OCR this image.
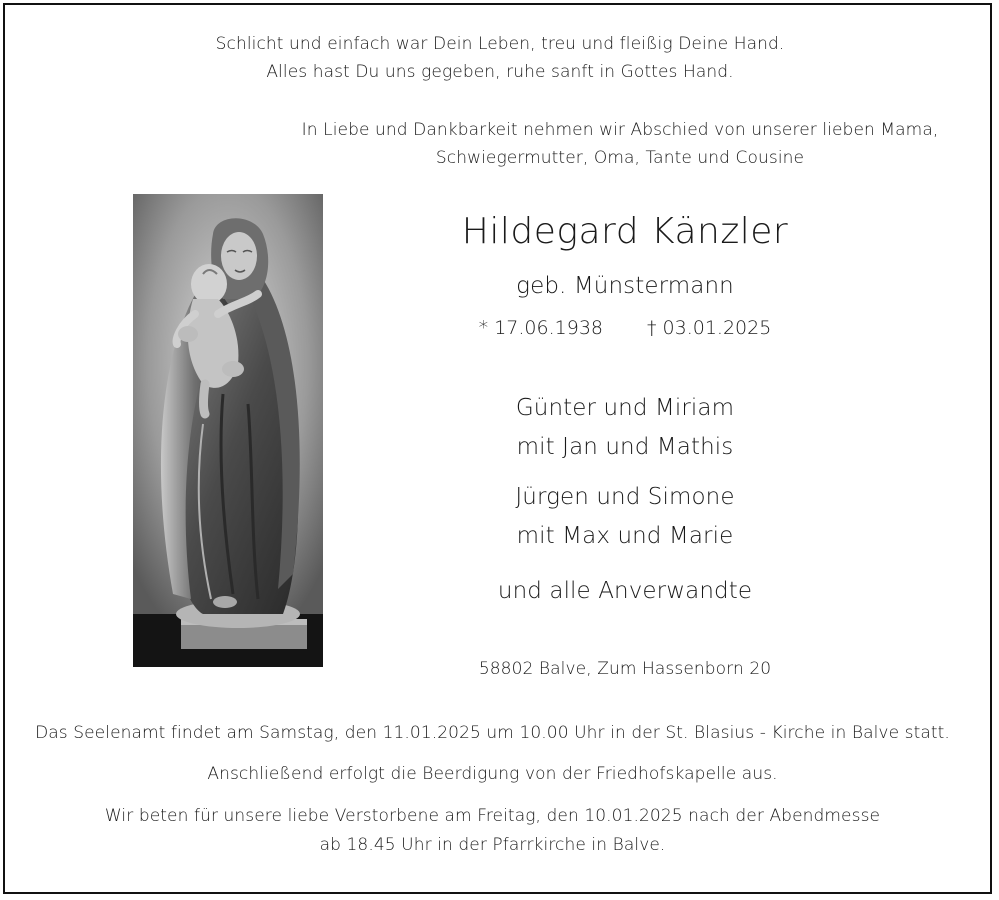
Schlicht und einfach war Dein Leben, treu und fleißig Deine Hand.
Alles hast Du uns gegeben, ruhe sanft in Gottes Hand.
In Liebe und Dankbarkeit nehmen wir Abschied von unserer lieben Mama,
Schwiegermutter, Oma, Tante und Cousine
Hildegard Känzler
geb. Münstermann
* 17.06.1938 † 03.01.2025
Günter und Miriam
mit Jan und Mathis
Jürgen und Simone
mit Max und Marie
und alle Anverwandte
58802 Balve, Zum Hassenborn 20
Das Seelenamt findet am Samstag, den 11.01.2025 um 10.00 Uhr in der St. Blasius - Kirche in Balve statt.
Anschließend erfolgt die Beerdigung von der Friedhofskapelle aus.
Wir beten für unsere liebe Verstorbene am Freitag, den 10.01.2025 nach der Abendmesse
ab 18.45 Uhr in der Pfarrkirche in Balve.
